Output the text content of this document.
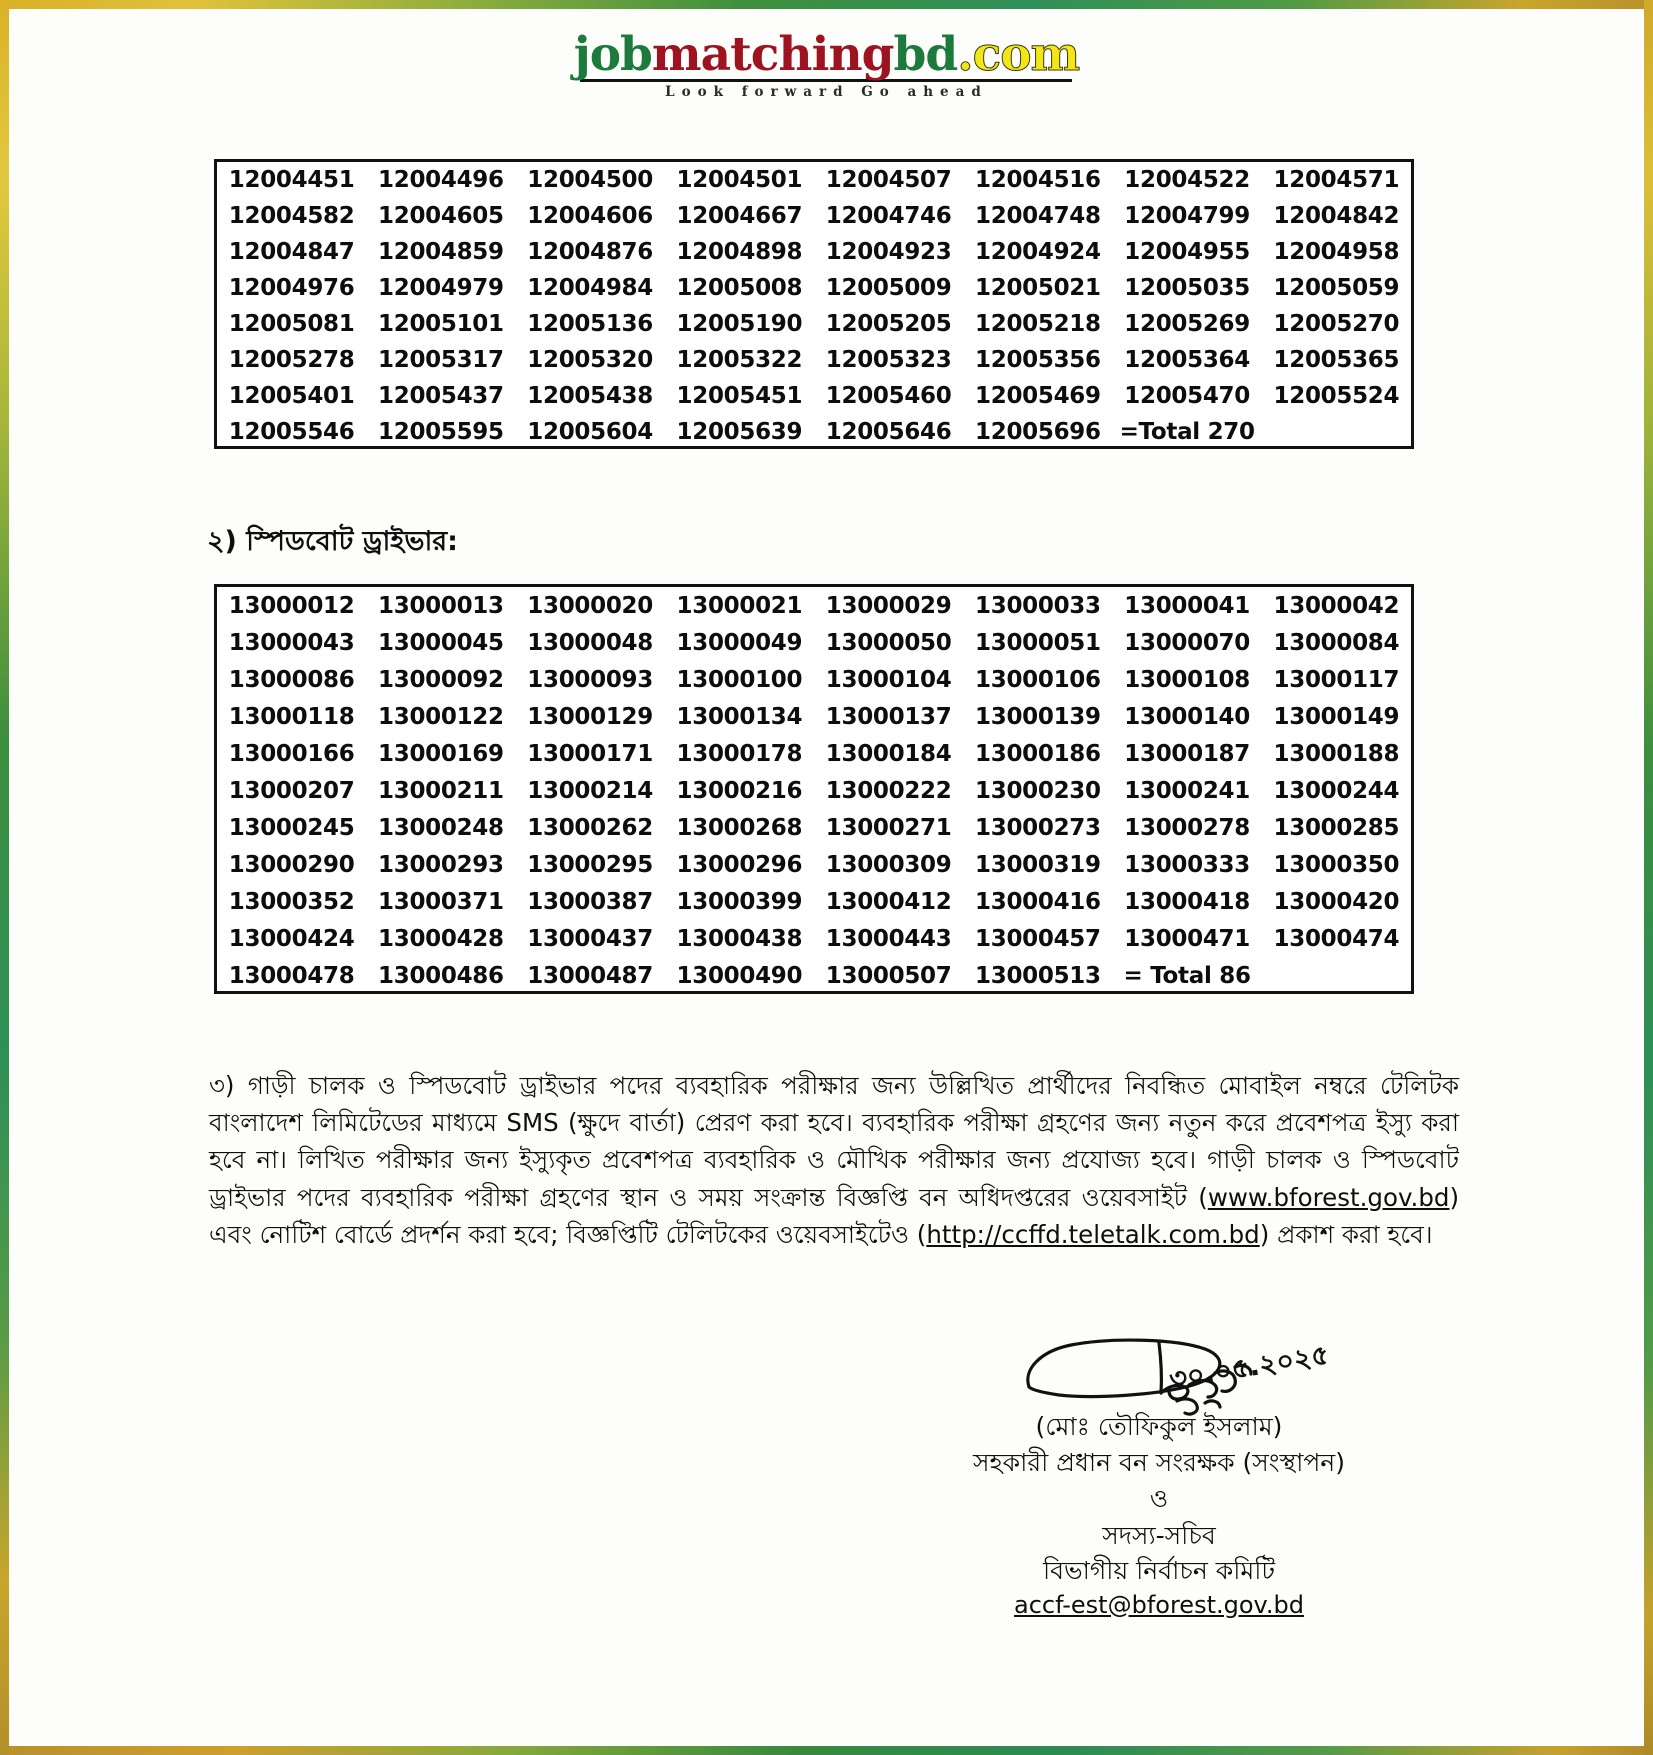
jobmatchingbd.com
Look forward Go ahead
12004451	12004496	12004500	12004501	12004507	12004516	12004522	12004571
12004582	12004605	12004606	12004667	12004746	12004748	12004799	12004842
12004847	12004859	12004876	12004898	12004923	12004924	12004955	12004958
12004976	12004979	12004984	12005008	12005009	12005021	12005035	12005059
12005081	12005101	12005136	12005190	12005205	12005218	12005269	12005270
12005278	12005317	12005320	12005322	12005323	12005356	12005364	12005365
12005401	12005437	12005438	12005451	12005460	12005469	12005470	12005524
12005546	12005595	12005604	12005639	12005646	12005696	=Total 270	
২) স্পিডবোট ড্রাইভার:
13000012	13000013	13000020	13000021	13000029	13000033	13000041	13000042
13000043	13000045	13000048	13000049	13000050	13000051	13000070	13000084
13000086	13000092	13000093	13000100	13000104	13000106	13000108	13000117
13000118	13000122	13000129	13000134	13000137	13000139	13000140	13000149
13000166	13000169	13000171	13000178	13000184	13000186	13000187	13000188
13000207	13000211	13000214	13000216	13000222	13000230	13000241	13000244
13000245	13000248	13000262	13000268	13000271	13000273	13000278	13000285
13000290	13000293	13000295	13000296	13000309	13000319	13000333	13000350
13000352	13000371	13000387	13000399	13000412	13000416	13000418	13000420
13000424	13000428	13000437	13000438	13000443	13000457	13000471	13000474
13000478	13000486	13000487	13000490	13000507	13000513	= Total 86	
৩) গাড়ী চালক ও স্পিডবোট ড্রাইভার পদের ব্যবহারিক পরীক্ষার জন্য উল্লিখিত প্রার্থীদের নিবন্ধিত মোবাইল নম্বরে টেলিটক বাংলাদেশ লিমিটেডের মাধ্যমে SMS (ক্ষুদে বার্তা) প্রেরণ করা হবে। ব্যবহারিক পরীক্ষা গ্রহণের জন্য নতুন করে প্রবেশপত্র ইস্যু করা হবে না। লিখিত পরীক্ষার জন্য ইস্যুকৃত প্রবেশপত্র ব্যবহারিক ও মৌখিক পরীক্ষার জন্য প্রযোজ্য হবে। গাড়ী চালক ও স্পিডবোট ড্রাইভার পদের ব্যবহারিক পরীক্ষা গ্রহণের স্থান ও সময় সংক্রান্ত বিজ্ঞপ্তি বন অধিদপ্তরের ওয়েবসাইট (www.bforest.gov.bd) এবং নোটিশ বোর্ডে প্রদর্শন করা হবে; বিজ্ঞপ্তিটি টেলিটকের ওয়েবসাইটেও (http://ccffd.teletalk.com.bd) প্রকাশ করা হবে।
৩০.০৫.২০২৫
(মোঃ তৌফিকুল ইসলাম)
সহকারী প্রধান বন সংরক্ষক (সংস্থাপন)
ও
সদস্য-সচিব
বিভাগীয় নির্বাচন কমিটি
accf-est@bforest.gov.bd
